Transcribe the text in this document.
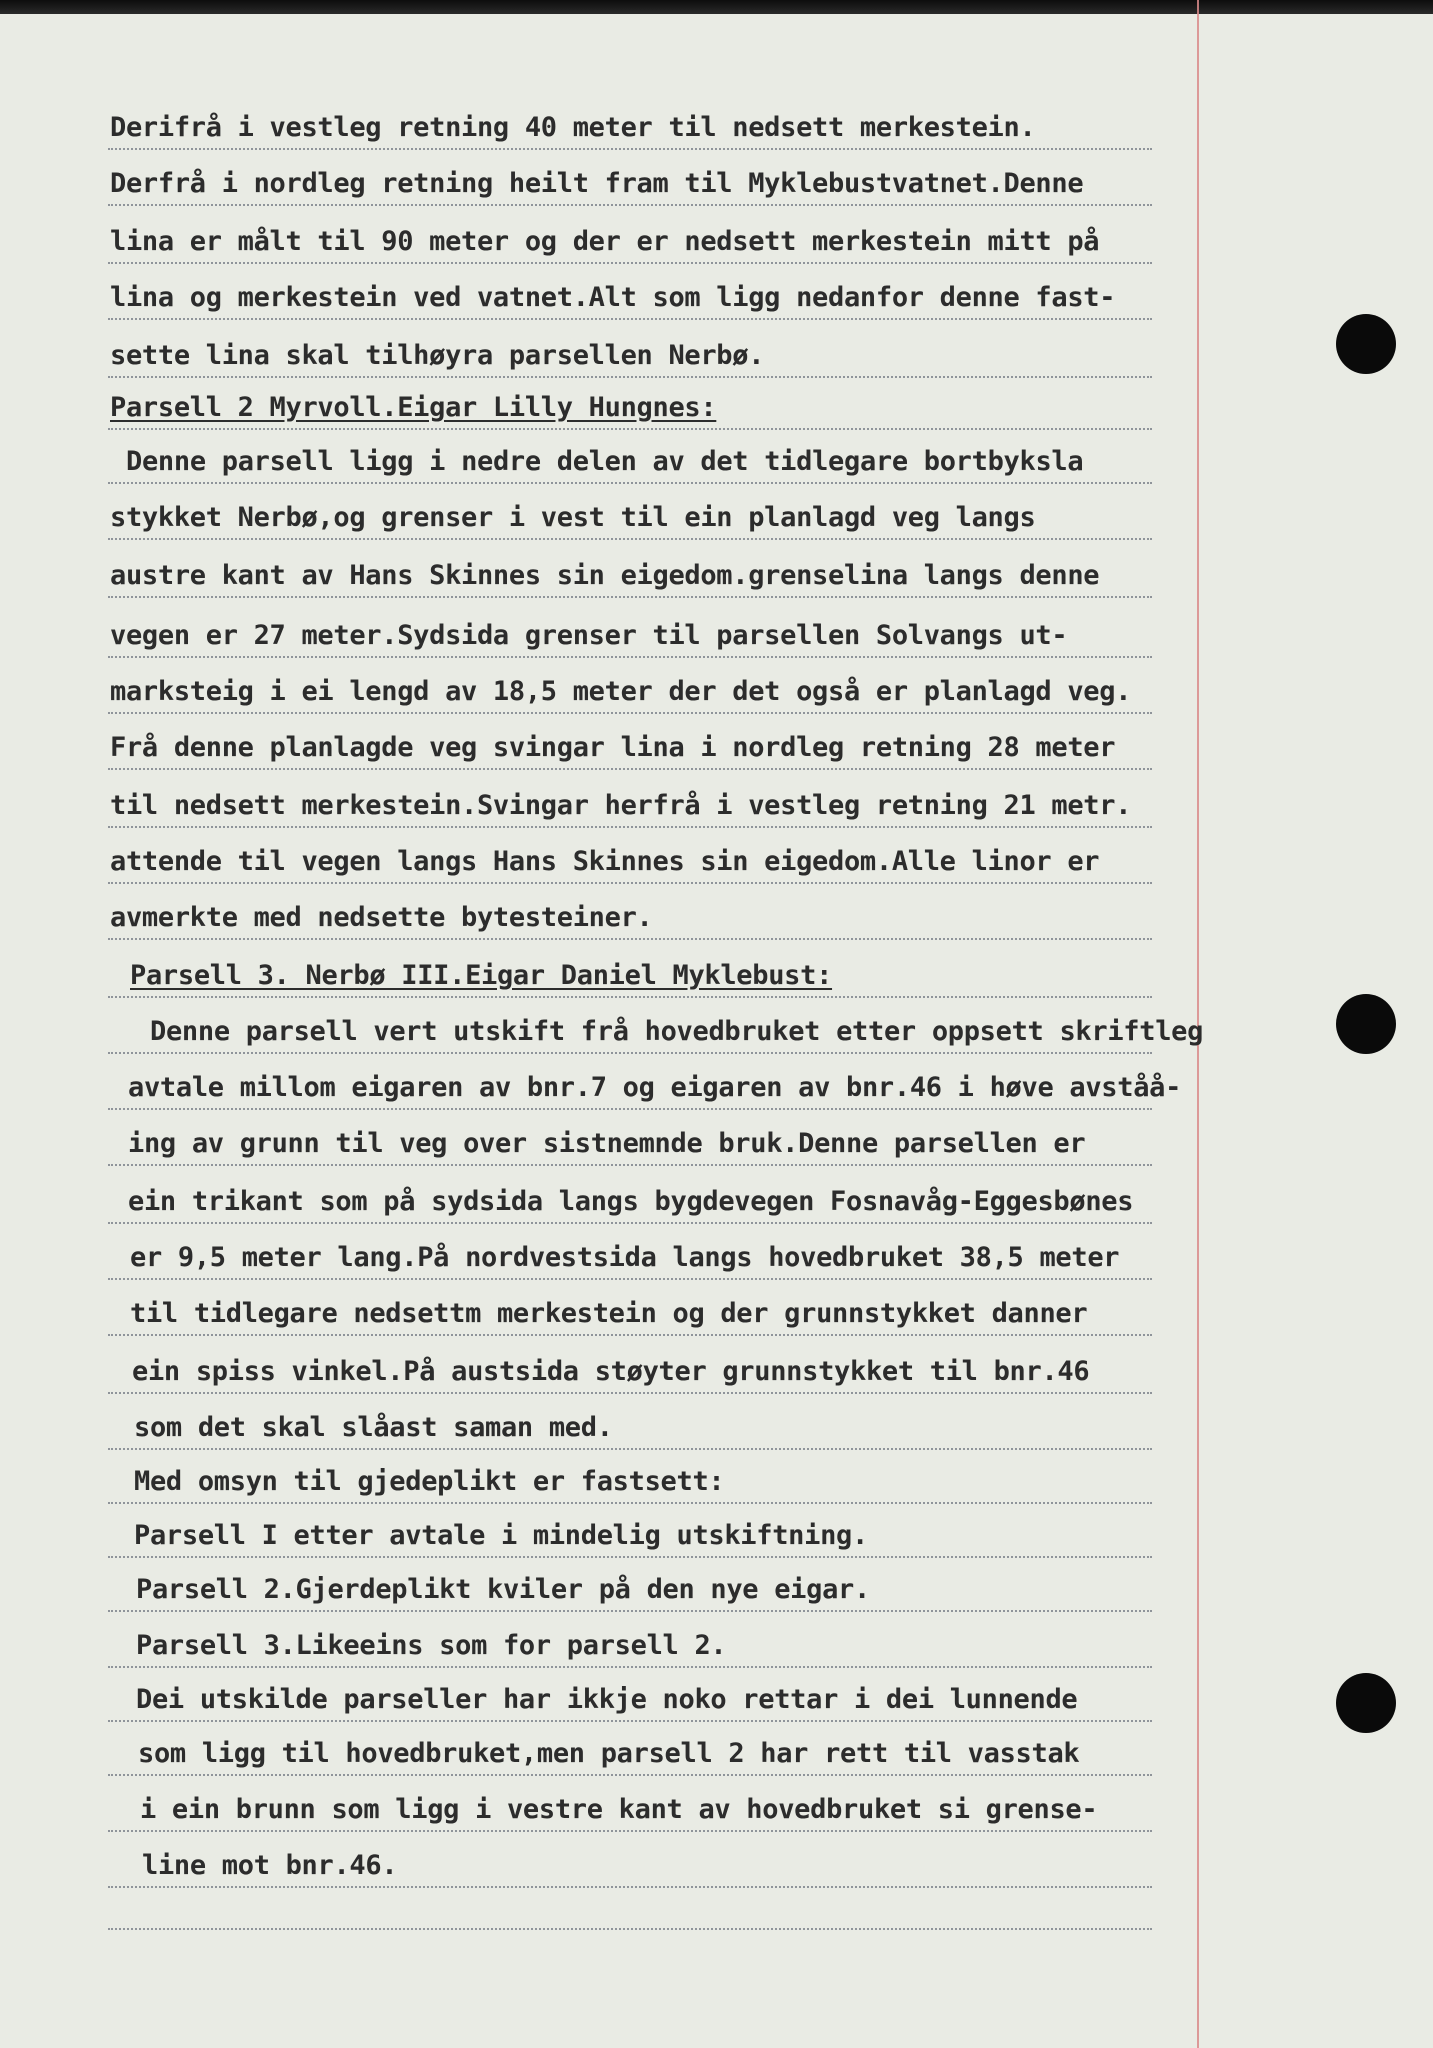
Derifrå i vestleg retning 40 meter til nedsett merkestein.

Derfrå i nordleg retning heilt fram til Myklebustvatnet.Denne

lina er målt til 90 meter og der er nedsett merkestein mitt på

lina og merkestein ved vatnet.Alt som ligg nedanfor denne fast-

sette lina skal tilhøyra parsellen Nerbø.

Parsell 2 Myrvoll.Eigar Lilly Hungnes:

Denne parsell ligg i nedre delen av det tidlegare bortbyksla

stykket Nerbø,og grenser i vest til ein planlagd veg langs

austre kant av Hans Skinnes sin eigedom.grenselina langs denne

vegen er 27 meter.Sydsida grenser til parsellen Solvangs ut-

marksteig i ei lengd av 18,5 meter der det også er planlagd veg.

Frå denne planlagde veg svingar lina i nordleg retning 28 meter

til nedsett merkestein.Svingar herfrå i vestleg retning 21 metr.

attende til vegen langs Hans Skinnes sin eigedom.Alle linor er

avmerkte med nedsette bytesteiner.

Parsell 3. Nerbø III.Eigar Daniel Myklebust:

Denne parsell vert utskift frå hovedbruket etter oppsett skriftleg

avtale millom eigaren av bnr.7 og eigaren av bnr.46 i høve avståå-

ing av grunn til veg over sistnemnde bruk.Denne parsellen er

ein trikant som på sydsida langs bygdevegen Fosnavåg-Eggesbønes

er 9,5 meter lang.På nordvestsida langs hovedbruket 38,5 meter

til tidlegare nedsettm merkestein og der grunnstykket danner

ein spiss vinkel.På austsida støyter grunnstykket til bnr.46

som det skal slåast saman med.

Med omsyn til gjedeplikt er fastsett:

Parsell I etter avtale i mindelig utskiftning.

Parsell 2.Gjerdeplikt kviler på den nye eigar.

Parsell 3.Likeeins som for parsell 2.

Dei utskilde parseller har ikkje noko rettar i dei lunnende

som ligg til hovedbruket,men parsell 2 har rett til vasstak

i ein brunn som ligg i vestre kant av hovedbruket si grense-

line mot bnr.46.
